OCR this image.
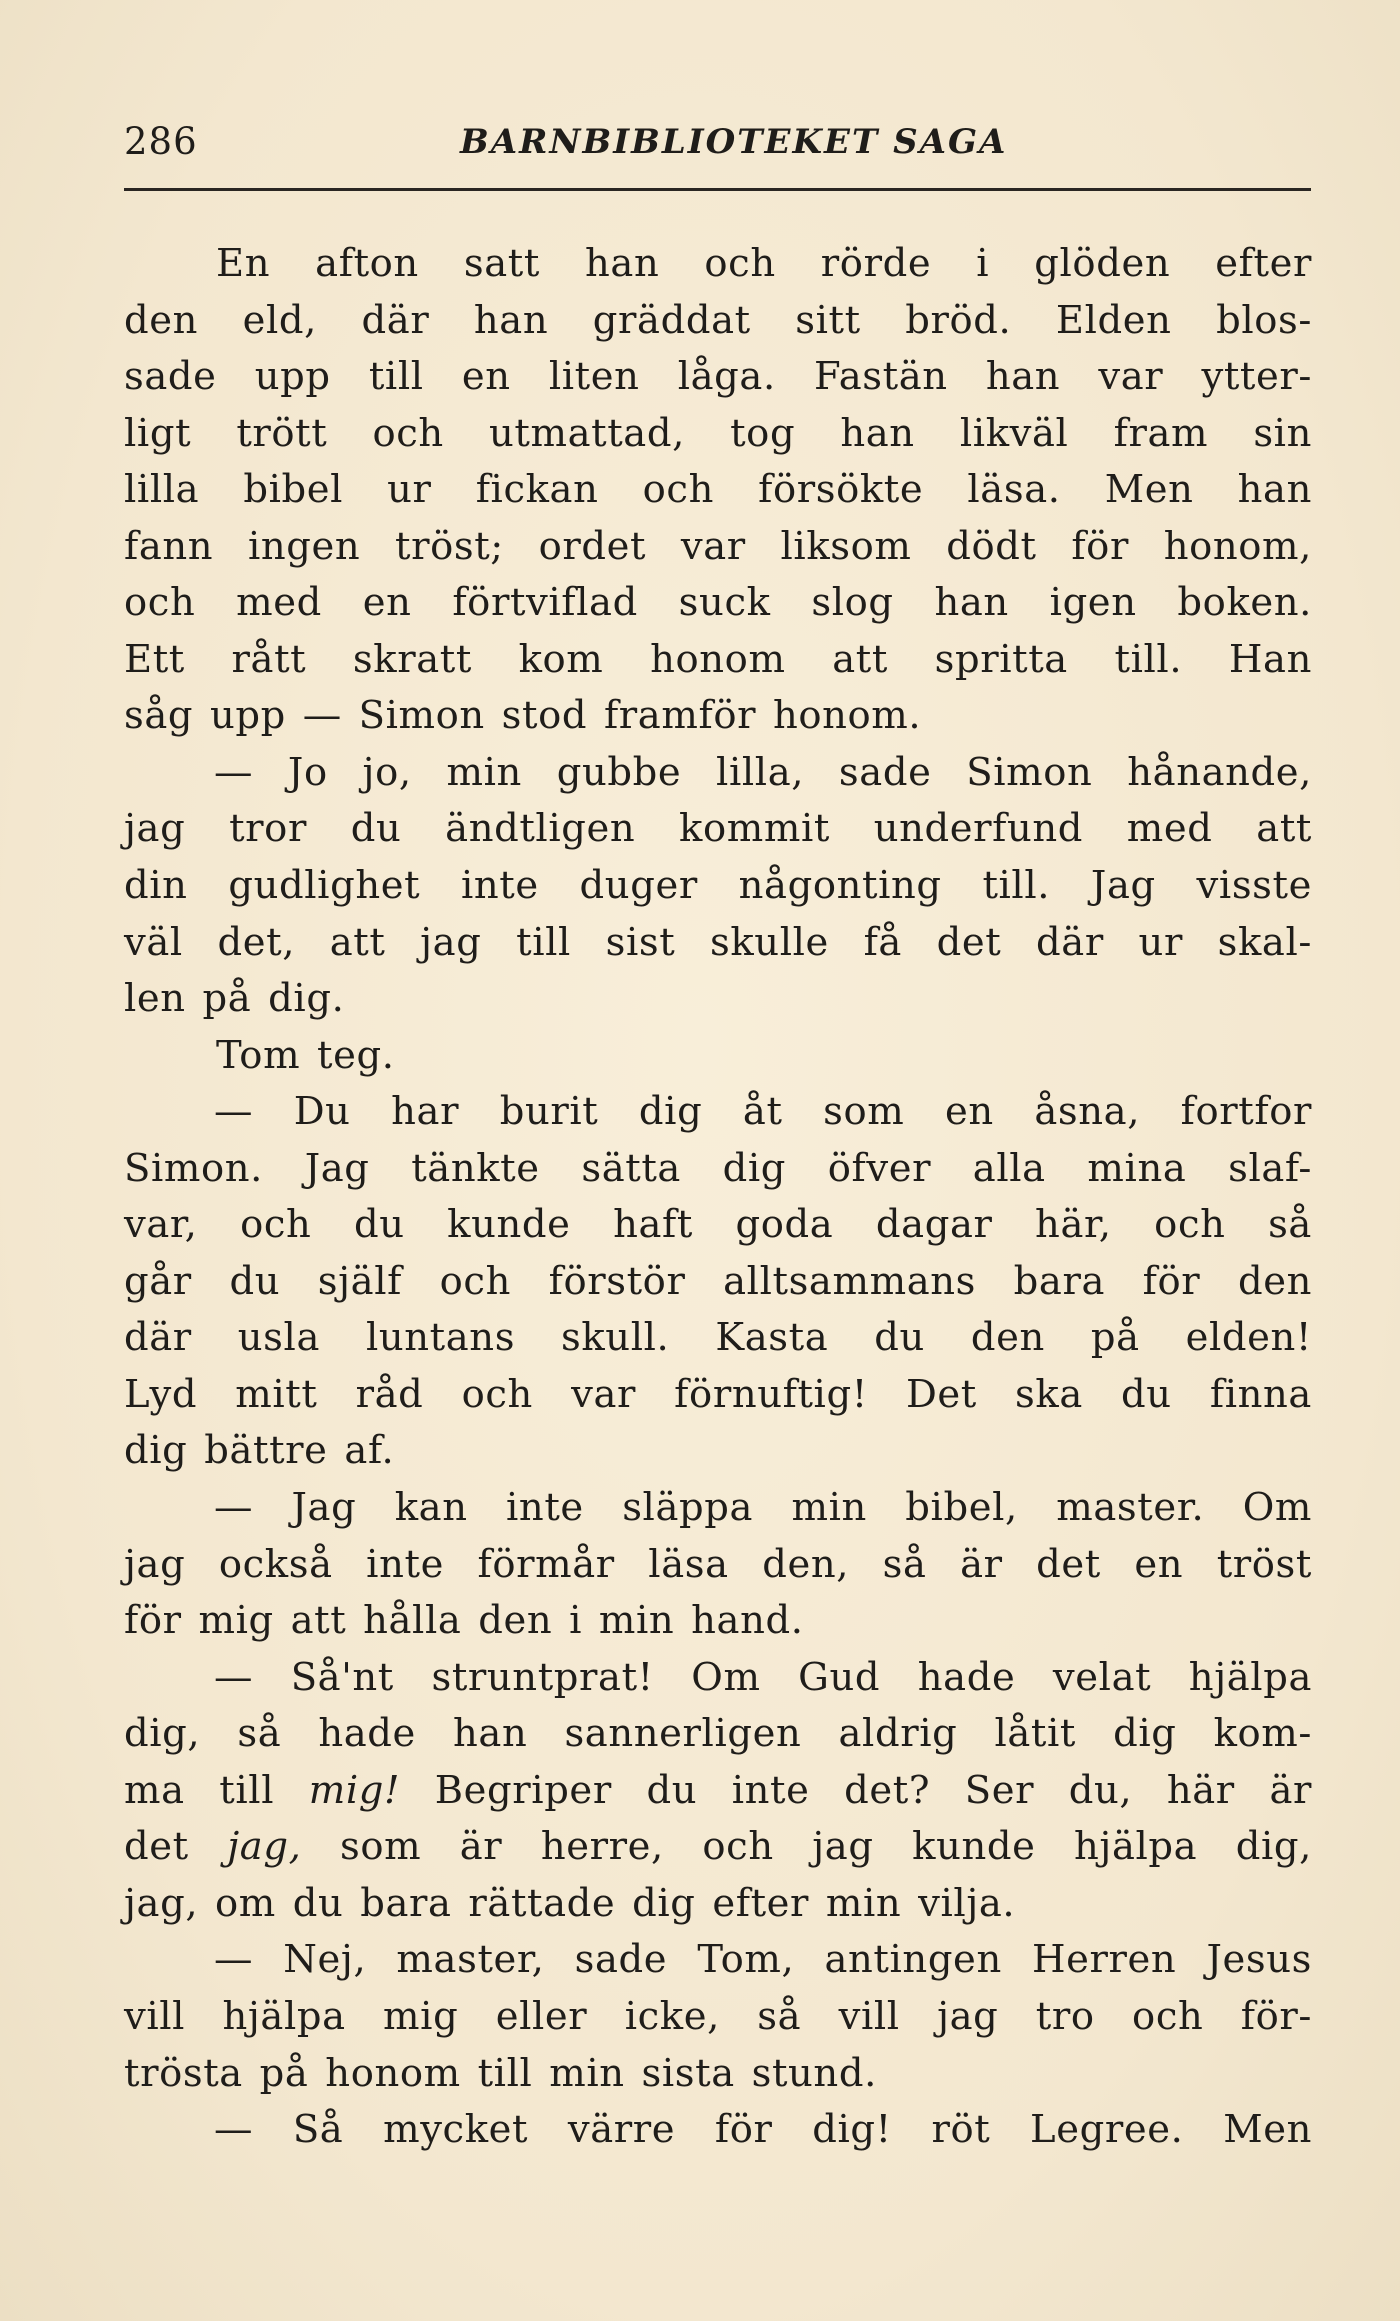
286	BARNBIBLIOTEKET SAGA
En afton satt han och rörde i glöden efter
den eld, där han gräddat sitt bröd. Elden blos-
sade upp till en liten låga. Fastän han var ytter-
ligt trött och utmattad, tog han likväl fram sin
lilla bibel ur fickan och försökte läsa. Men han
fann ingen tröst; ordet var liksom dödt för honom,
och med en förtviflad suck slog han igen boken.
Ett rått skratt kom honom att spritta till. Han
såg upp — Simon stod framför honom.
— Jo jo, min gubbe lilla, sade Simon hånande,
jag tror du ändtligen kommit underfund med att
din gudlighet inte duger någonting till. Jag visste
väl det, att jag till sist skulle få det där ur skal-
len på dig.
Tom teg.
— Du har burit dig åt som en åsna, fortfor
Simon. Jag tänkte sätta dig öfver alla mina slaf-
var, och du kunde haft goda dagar här, och så
går du själf och förstör alltsammans bara för den
där usla luntans skull. Kasta du den på elden!
Lyd mitt råd och var förnuftig! Det ska du finna
dig bättre af.
— Jag kan inte släppa min bibel, master. Om
jag också inte förmår läsa den, så är det en tröst
för mig att hålla den i min hand.
— Så'nt struntprat! Om Gud hade velat hjälpa
dig, så hade han sannerligen aldrig låtit dig kom-
ma till mig! Begriper du inte det? Ser du, här är
det jag, som är herre, och jag kunde hjälpa dig,
jag, om du bara rättade dig efter min vilja.
— Nej, master, sade Tom, antingen Herren Jesus
vill hjälpa mig eller icke, så vill jag tro och för-
trösta på honom till min sista stund.
— Så mycket värre för dig! röt Legree. Men
